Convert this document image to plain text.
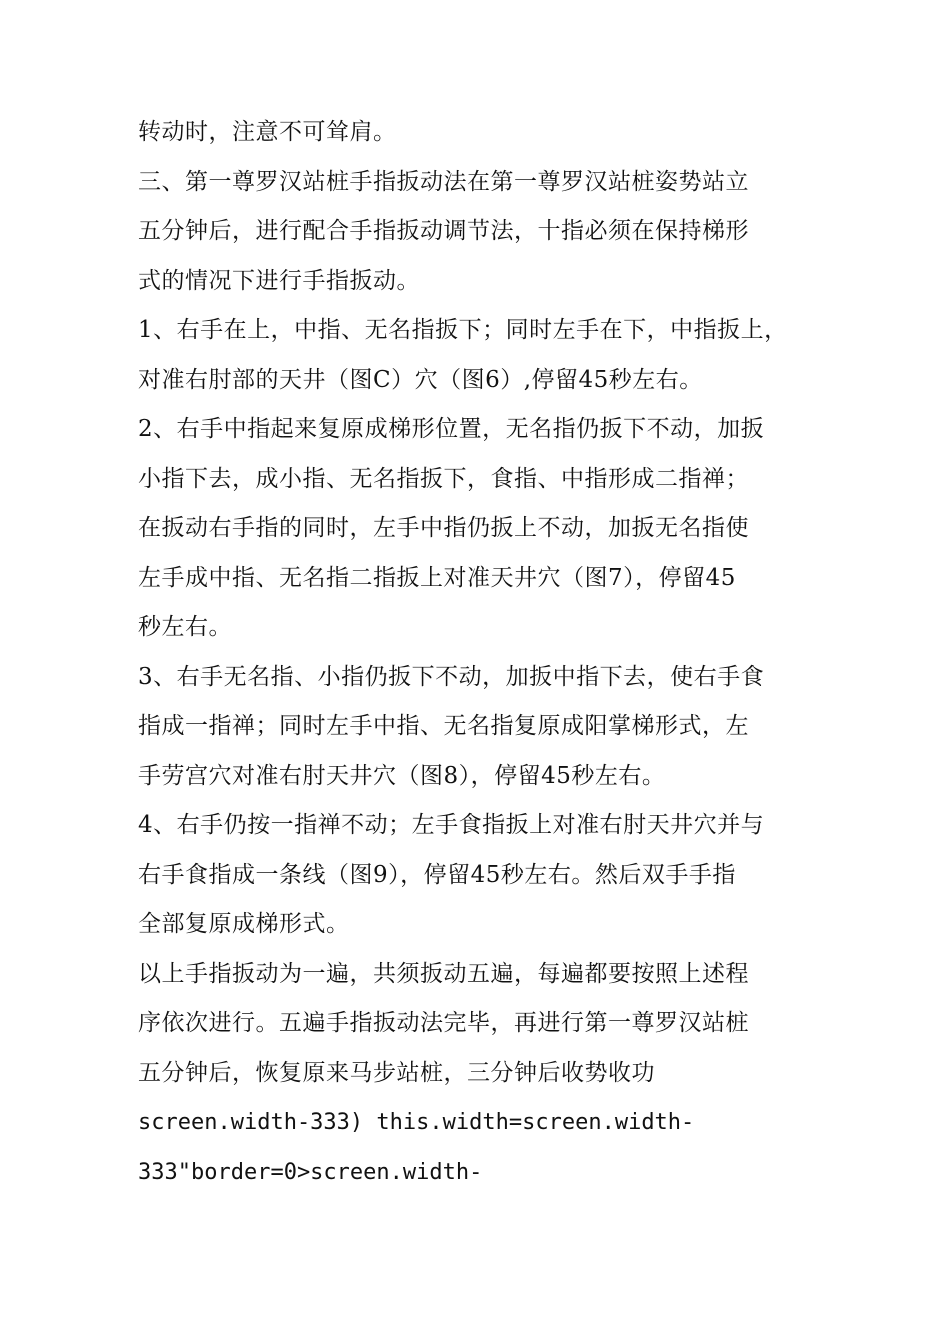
转动时，注意不可耸肩。
三、第一尊罗汉站桩手指扳动法在第一尊罗汉站桩姿势站立
五分钟后，进行配合手指扳动调节法，十指必须在保持梯形
式的情况下进行手指扳动。
1、右手在上，中指、无名指扳下；同时左手在下，中指扳上，
对准右肘部的天井（图C）穴（图6）,停留45秒左右。
2、右手中指起来复原成梯形位置，无名指仍扳下不动，加扳
小指下去，成小指、无名指扳下，食指、中指形成二指禅；
在扳动右手指的同时，左手中指仍扳上不动，加扳无名指使
左手成中指、无名指二指扳上对准天井穴（图7），停留45
秒左右。
3、右手无名指、小指仍扳下不动，加扳中指下去，使右手食
指成一指禅；同时左手中指、无名指复原成阳掌梯形式，左
手劳宫穴对准右肘天井穴（图8），停留45秒左右。
4、右手仍按一指禅不动；左手食指扳上对准右肘天井穴并与
右手食指成一条线（图9），停留45秒左右。然后双手手指
全部复原成梯形式。
以上手指扳动为一遍，共须扳动五遍，每遍都要按照上述程
序依次进行。五遍手指扳动法完毕，再进行第一尊罗汉站桩
五分钟后，恢复原来马步站桩，三分钟后收势收功
screen.width-333) this.width=screen.width-
333"border=0>screen.width-
